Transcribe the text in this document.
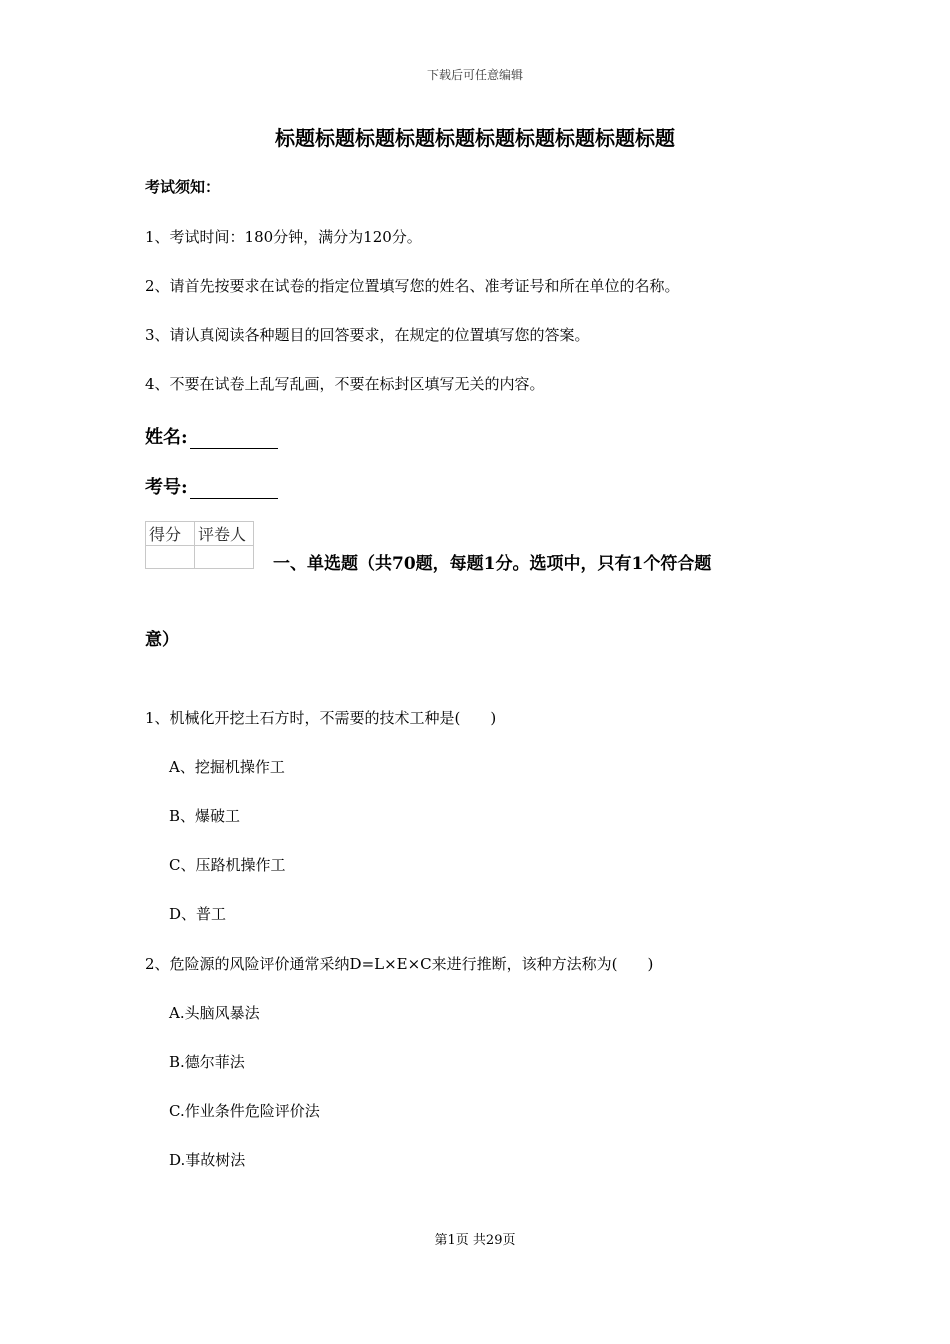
下载后可任意编辑
标题标题标题标题标题标题标题标题标题标题
考试须知：
1、考试时间：180分钟，满分为120分。
2、请首先按要求在试卷的指定位置填写您的姓名、准考证号和所在单位的名称。
3、请认真阅读各种题目的回答要求，在规定的位置填写您的答案。
4、不要在试卷上乱写乱画，不要在标封区填写无关的内容。
姓名:
考号:
得分	评卷人

一、单选题（共70题，每题1分。选项中，只有1个符合题
意）
1、机械化开挖土石方时，不需要的技术工种是(　　)
A、挖掘机操作工
B、爆破工
C、压路机操作工
D、普工
2、危险源的风险评价通常采纳D=L×E×C来进行推断，该种方法称为(　　)
A.头脑风暴法
B.德尔菲法
C.作业条件危险评价法
D.事故树法
第1页 共29页
